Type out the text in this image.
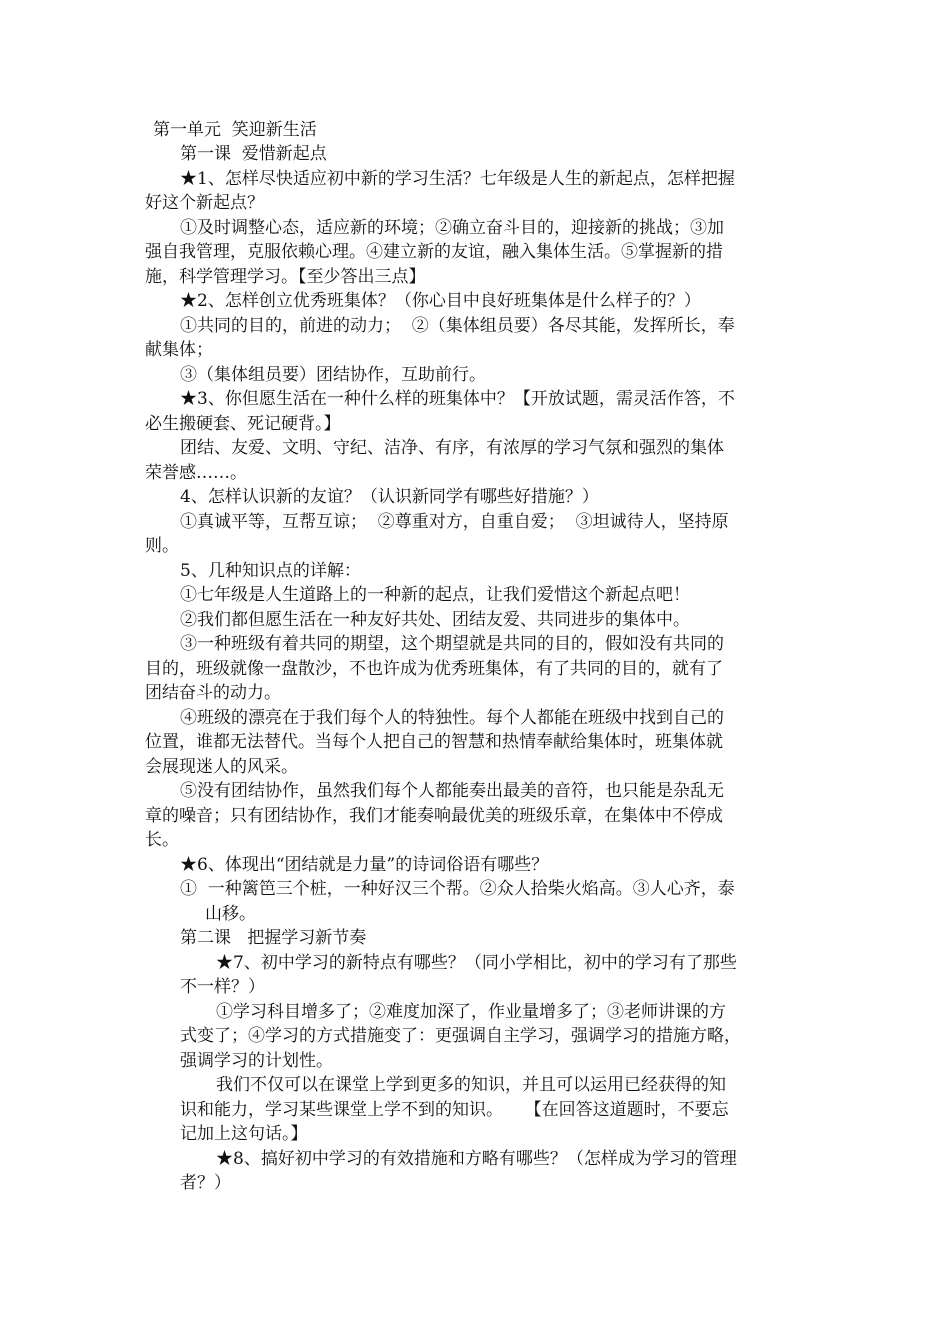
第一单元  笑迎新生活
第一课  爱惜新起点
★1、怎样尽快适应初中新的学习生活？七年级是人生的新起点，怎样把握
好这个新起点？
①及时调整心态，适应新的环境；②确立奋斗目的，迎接新的挑战；③加
强自我管理，克服依赖心理。④建立新的友谊，融入集体生活。⑤掌握新的措
施，科学管理学习。【至少答出三点】
★2、怎样创立优秀班集体？（你心目中良好班集体是什么样子的？）
①共同的目的，前进的动力；  ②（集体组员要）各尽其能，发挥所长，奉
献集体；
③（集体组员要）团结协作，互助前行。
★3、你但愿生活在一种什么样的班集体中？【开放试题，需灵活作答，不
必生搬硬套、死记硬背。】
团结、友爱、文明、守纪、洁净、有序，有浓厚的学习气氛和强烈的集体
荣誉感……。
4、怎样认识新的友谊？（认识新同学有哪些好措施？）
①真诚平等，互帮互谅；  ②尊重对方，自重自爱；  ③坦诚待人，坚持原
则。
5、几种知识点的详解：
①七年级是人生道路上的一种新的起点，让我们爱惜这个新起点吧！
②我们都但愿生活在一种友好共处、团结友爱、共同进步的集体中。
③一种班级有着共同的期望，这个期望就是共同的目的，假如没有共同的
目的，班级就像一盘散沙，不也许成为优秀班集体，有了共同的目的，就有了
团结奋斗的动力。
④班级的漂亮在于我们每个人的特独性。每个人都能在班级中找到自己的
位置，谁都无法替代。当每个人把自己的智慧和热情奉献给集体时，班集体就
会展现迷人的风采。
⑤没有团结协作，虽然我们每个人都能奏出最美的音符，也只能是杂乱无
章的噪音；只有团结协作，我们才能奏响最优美的班级乐章，在集体中不停成
长。
★6、体现出“团结就是力量”的诗词俗语有哪些？
①  一种篱笆三个桩，一种好汉三个帮。②众人拾柴火焰高。③人心齐，泰
山移。
第二课   把握学习新节奏
★7、初中学习的新特点有哪些？（同小学相比，初中的学习有了那些
不一样？）
①学习科目增多了；②难度加深了，作业量增多了；③老师讲课的方
式变了；④学习的方式措施变了：更强调自主学习，强调学习的措施方略，
强调学习的计划性。
我们不仅可以在课堂上学到更多的知识，并且可以运用已经获得的知
识和能力，学习某些课堂上学不到的知识。    【在回答这道题时，不要忘
记加上这句话。】
★8、搞好初中学习的有效措施和方略有哪些？（怎样成为学习的管理
者？）
